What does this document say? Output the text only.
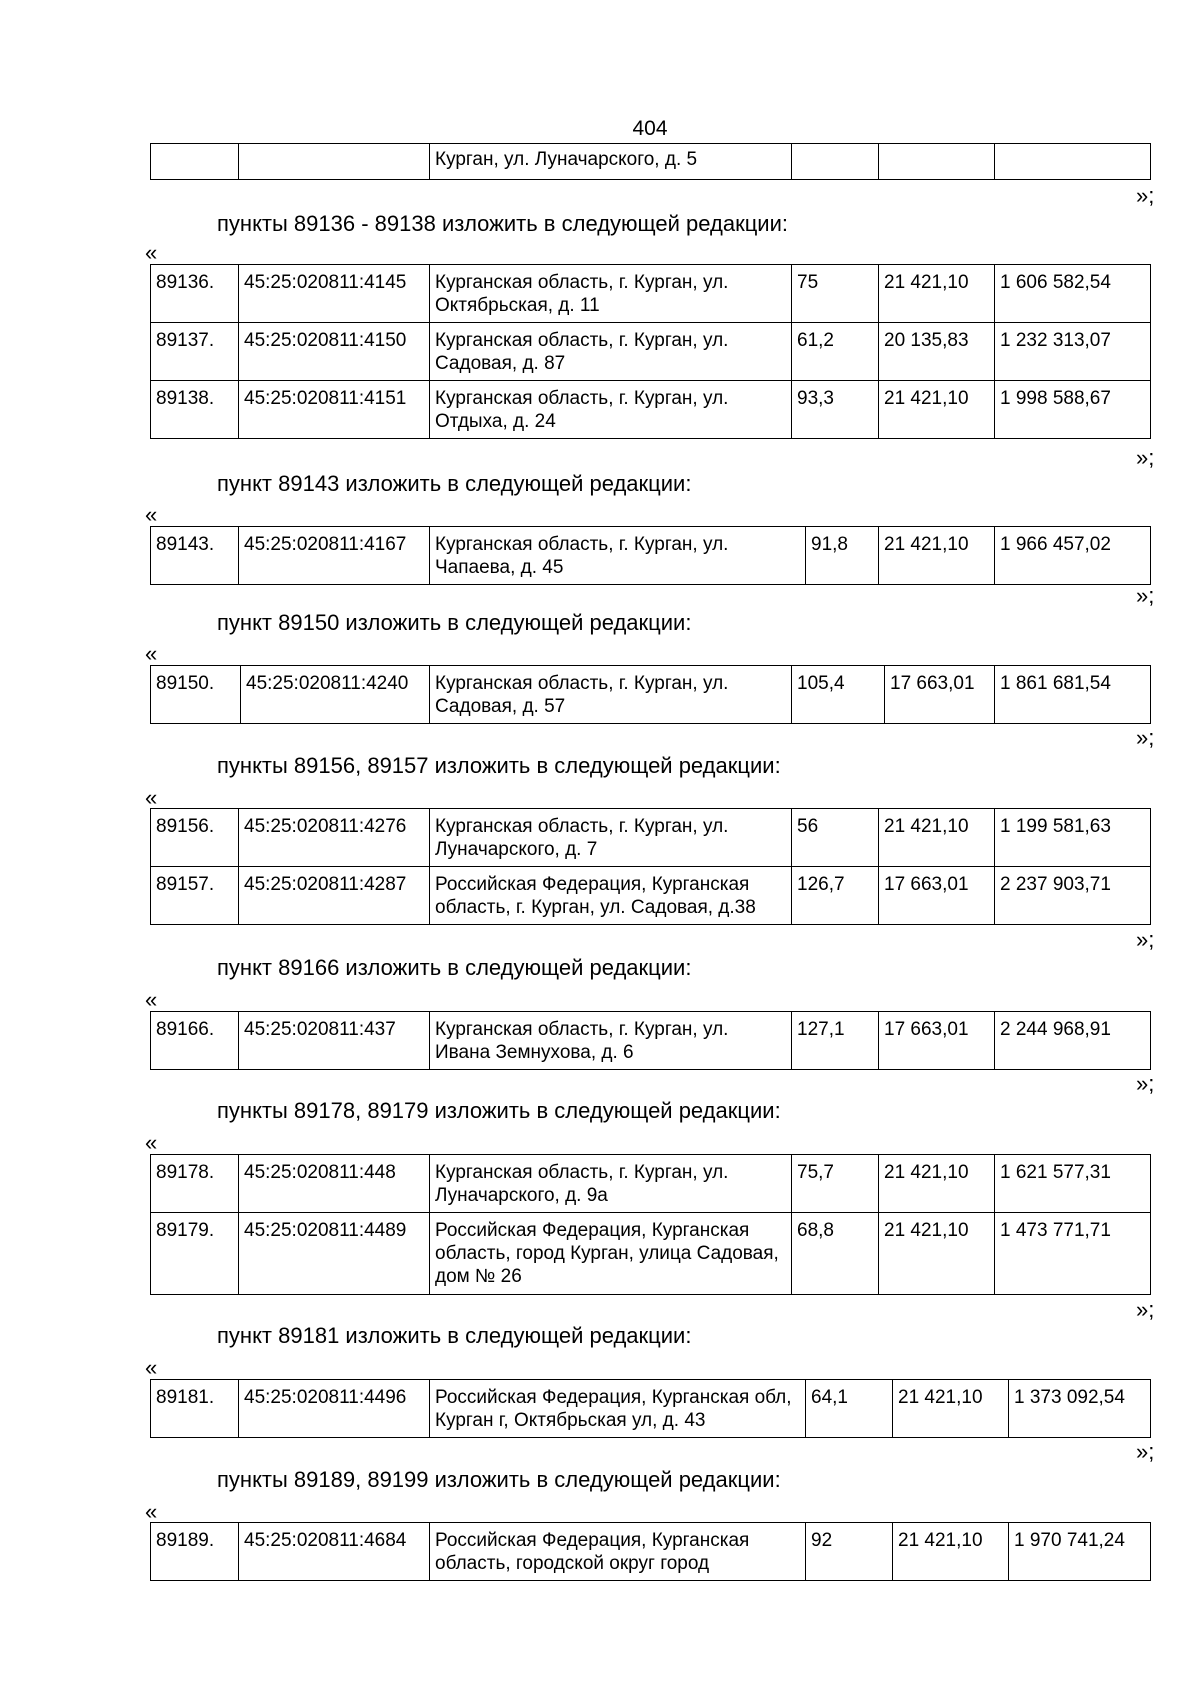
404
		Курган, ул. Луначарского, д. 5			
»;
пункты 89136 - 89138 изложить в следующей редакции:
«
89136.	45:25:020811:4145	Курганская область, г. Курган, ул. Октябрьская, д. 11	75	21 421,10	1 606 582,54
89137.	45:25:020811:4150	Курганская область, г. Курган, ул. Садовая, д. 87	61,2	20 135,83	1 232 313,07
89138.	45:25:020811:4151	Курганская область, г. Курган, ул. Отдыха, д. 24	93,3	21 421,10	1 998 588,67
»;
пункт 89143 изложить в следующей редакции:
«
89143.	45:25:020811:4167	Курганская область, г. Курган, ул. Чапаева, д. 45	91,8	21 421,10	1 966 457,02
»;
пункт 89150 изложить в следующей редакции:
«
89150.	45:25:020811:4240	Курганская область, г. Курган, ул. Садовая, д. 57	105,4	17 663,01	1 861 681,54
»;
пункты 89156, 89157 изложить в следующей редакции:
«
89156.	45:25:020811:4276	Курганская область, г. Курган, ул. Луначарского, д. 7	56	21 421,10	1 199 581,63
89157.	45:25:020811:4287	Российская Федерация, Курганская область, г. Курган, ул. Садовая, д.38	126,7	17 663,01	2 237 903,71
»;
пункт 89166 изложить в следующей редакции:
«
89166.	45:25:020811:437	Курганская область, г. Курган, ул. Ивана Земнухова, д. 6	127,1	17 663,01	2 244 968,91
»;
пункты 89178, 89179 изложить в следующей редакции:
«
89178.	45:25:020811:448	Курганская область, г. Курган, ул. Луначарского, д. 9а	75,7	21 421,10	1 621 577,31
89179.	45:25:020811:4489	Российская Федерация, Курганская область, город Курган, улица Садовая, дом № 26	68,8	21 421,10	1 473 771,71
»;
пункт 89181 изложить в следующей редакции:
«
89181.	45:25:020811:4496	Российская Федерация, Курганская обл, Курган г, Октябрьская ул, д. 43	64,1	21 421,10	1 373 092,54
»;
пункты 89189, 89199 изложить в следующей редакции:
«
89189.	45:25:020811:4684	Российская Федерация, Курганская область, городской округ город	92	21 421,10	1 970 741,24
